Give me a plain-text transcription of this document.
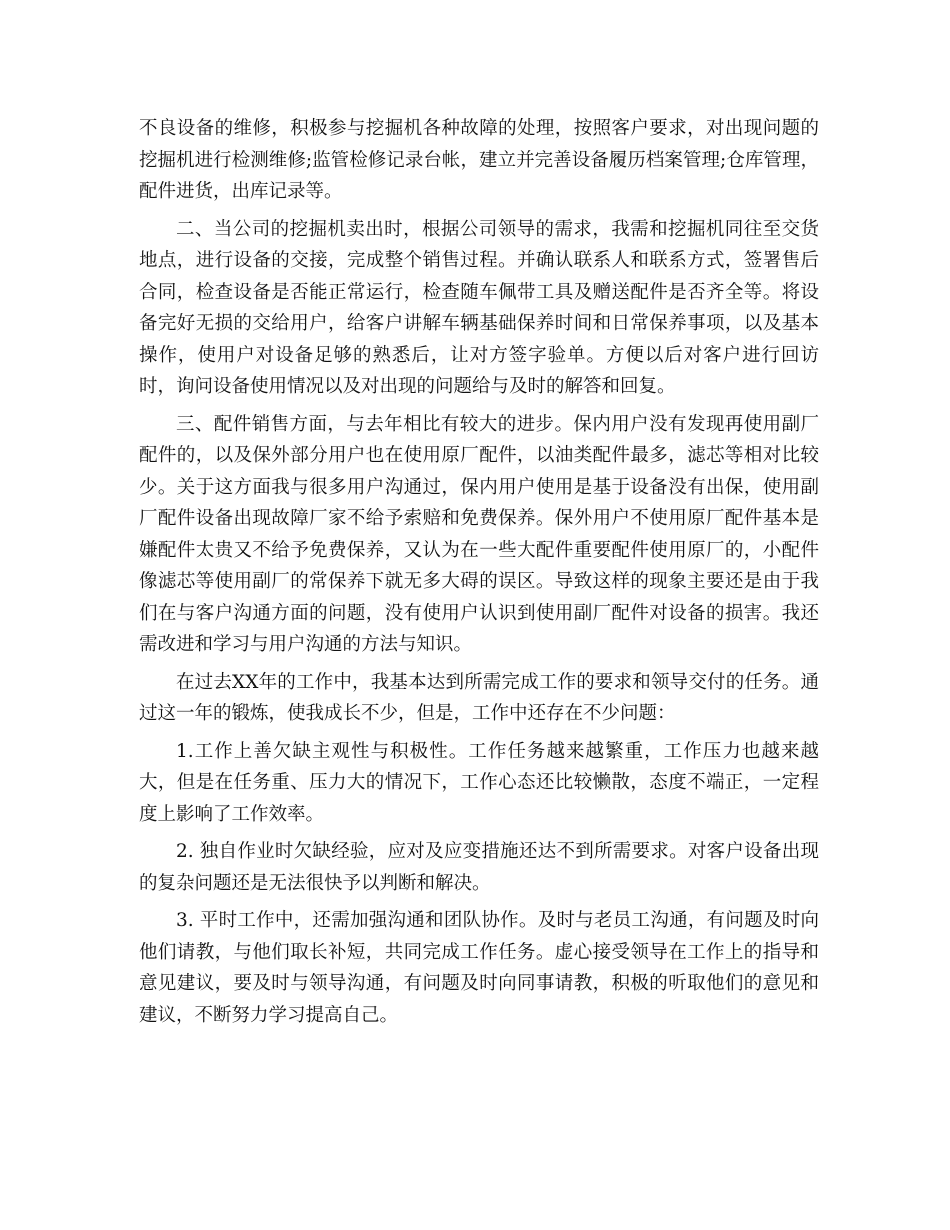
不良设备的维修，积极参与挖掘机各种故障的处理，按照客户要求，对出现问题的挖掘机进行检测维修;监管检修记录台帐，建立并完善设备履历档案管理;仓库管理，配件进货，出库记录等。

二、当公司的挖掘机卖出时，根据公司领导的需求，我需和挖掘机同往至交货地点，进行设备的交接，完成整个销售过程。并确认联系人和联系方式，签署售后合同，检查设备是否能正常运行，检查随车佩带工具及赠送配件是否齐全等。将设备完好无损的交给用户，给客户讲解车辆基础保养时间和日常保养事项，以及基本操作，使用户对设备足够的熟悉后，让对方签字验单。方便以后对客户进行回访时，询问设备使用情况以及对出现的问题给与及时的解答和回复。

三、配件销售方面，与去年相比有较大的进步。保内用户没有发现再使用副厂配件的，以及保外部分用户也在使用原厂配件，以油类配件最多，滤芯等相对比较少。关于这方面我与很多用户沟通过，保内用户使用是基于设备没有出保，使用副厂配件设备出现故障厂家不给予索赔和免费保养。保外用户不使用原厂配件基本是嫌配件太贵又不给予免费保养，又认为在一些大配件重要配件使用原厂的，小配件像滤芯等使用副厂的常保养下就无多大碍的误区。导致这样的现象主要还是由于我们在与客户沟通方面的问题，没有使用户认识到使用副厂配件对设备的损害。我还需改进和学习与用户沟通的方法与知识。

在过去XX年的工作中，我基本达到所需完成工作的要求和领导交付的任务。通过这一年的锻炼，使我成长不少，但是，工作中还存在不少问题：

1.工作上善欠缺主观性与积极性。工作任务越来越繁重，工作压力也越来越大，但是在任务重、压力大的情况下，工作心态还比较懒散，态度不端正，一定程度上影响了工作效率。

2. 独自作业时欠缺经验，应对及应变措施还达不到所需要求。对客户设备出现的复杂问题还是无法很快予以判断和解决。

3. 平时工作中，还需加强沟通和团队协作。及时与老员工沟通，有问题及时向他们请教，与他们取长补短，共同完成工作任务。虚心接受领导在工作上的指导和意见建议，要及时与领导沟通，有问题及时向同事请教，积极的听取他们的意见和建议，不断努力学习提高自己。
